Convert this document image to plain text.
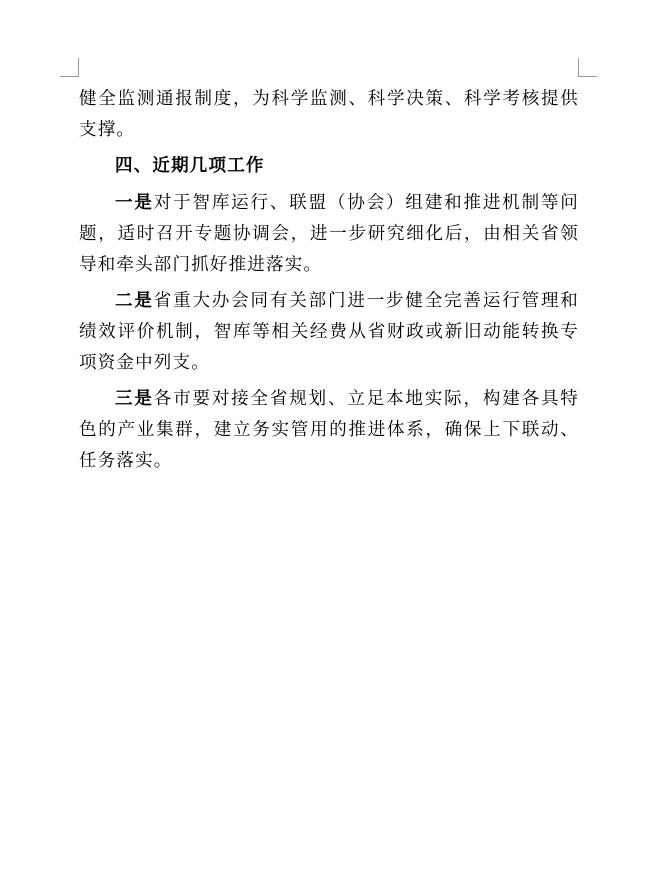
健全监测通报制度，为科学监测、科学决策、科学考核提供支撑。

四、近期几项工作

一是对于智库运行、联盟（协会）组建和推进机制等问题，适时召开专题协调会，进一步研究细化后，由相关省领导和牵头部门抓好推进落实。

二是省重大办会同有关部门进一步健全完善运行管理和绩效评价机制，智库等相关经费从省财政或新旧动能转换专项资金中列支。

三是各市要对接全省规划、立足本地实际，构建各具特色的产业集群，建立务实管用的推进体系，确保上下联动、任务落实。
